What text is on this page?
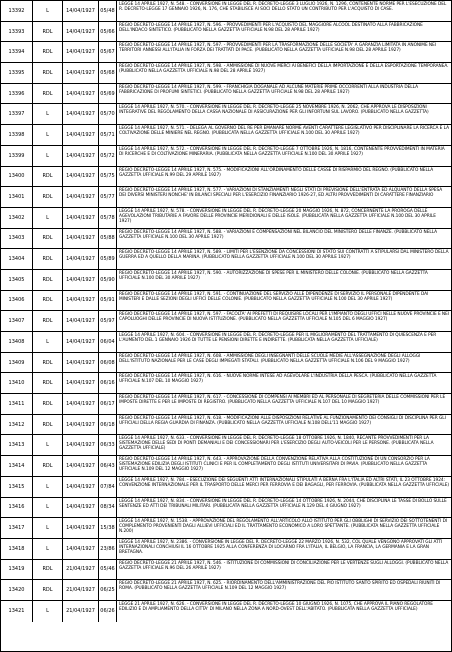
13392	L	14/04/1927	05/48
LEGGE 14 APRILE 1927, N. 548. - CONVERSIONE IN LEGGE DEL R. DECRETO-LEGGE 3 LUGLIO 1926, N. 1296, CONTENENTE NORME PER L'ESECUZIONE DEL R. DECRETO-LEGGE 17 GENNAIO 1926, N. 176, CHE STABILISCE AI SOCI DELLO STATO UN CONTRIBUTO PER L'ACQUISTO DI CASE.
13393	RDL	14/04/1927	05/66
REGIO DECRETO-LEGGE 14 APRILE 1927, N. 596. - PROVVEDIMENTI PER L'ACQUISTO DEL MAGGIORE ALCOOL DESTINATO ALLA FABBRICAZIONE DELL'INDACO SINTETICO. (PUBBLICATO NELLA GAZZETTA UFFICIALE N.98 DEL 28 APRILE 1927)
13394	RDL	14/04/1927	05/67
REGIO DECRETO-LEGGE 14 APRILE 1927, N. 597. - PROVVEDIMENTI PER LA TRASFORMAZIONE DELLE SOCIETA' A GARANZIA LIMITATA IN ANONIME NEI TERRITORI ANNESSI ALL'ITALIA IN FORZA DEI TRATTATI DI PACE. (PUBBLICATO NELLA GAZZETTA UFFICIALE N.98 DEL 28 APRILE 1927)
13395	RDL	14/04/1927	05/68
REGIO DECRETO-LEGGE 14 APRILE 1927, N. 598. - AMMISSIONE DI NUOVE MERCI AI BENEFICI DELLA IMPORTAZIONE E DELLA ESPORTAZIONE TEMPORANEA. (PUBBLICATO NELLA GAZZETTA UFFICIALE N.98 DEL 28 APRILE 1927)
13396	RDL	14/04/1927	05/69
REGIO DECRETO-LEGGE 14 APRILE 1927, N. 599. - FRANCHIGIA DOGANALE AD ALCUNE MATERIE PRIME OCCORRENTI ALLA INDUSTRIA DELLA FABBRICAZIONE DI PROFUMI SINTETICI. (PUBBLICATO NELLA GAZZETTA UFFICIALE N.98 DEL 28 APRILE 1927)
13397	L	14/04/1927	05/70
LEGGE 14 APRILE 1927, N. 570. - CONVERSIONE IN LEGGE DEL R. DECRETO-LEGGE 25 NOVEMBRE 1926, N. 2062, CHE APPROVA LE DISPOSIZIONI INTEGRATIVE DEL REGOLAMENTO DELLA CASSA NAZIONALE DI ASSICURAZIONE PER GLI INFORTUNI SUL LAVORO. (PUBBLICATO NELLA GAZZETTA)
13398	L	14/04/1927	05/71
LEGGE 14 APRILE 1927, N. 571. - DELEGA AL GOVERNO DEL RE PER EMANARE NORME AVENTI CARATTERE LEGISLATIVO PER DISCIPLINARE LA RICERCA E LA COLTIVAZIONE DELLE MINIERE NEL REGNO. (PUBBLICATA NELLA GAZZETTA UFFICIALE N.100 DEL 30 APRILE 1927)
13399	L	14/04/1927	05/72
LEGGE 14 APRILE 1927, N. 572. - CONVERSIONE IN LEGGE DEL R. DECRETO-LEGGE 7 OTTOBRE 1926, N. 1816, CONTENENTE PROVVEDIMENTI IN MATERIA DI RICERCHE E DI COLTIVAZIONE MINERARIA. (PUBBLICATA NELLA GAZZETTA UFFICIALE N.100 DEL 30 APRILE 1927)
13400	RDL	14/04/1927	05/75
REGIO DECRETO-LEGGE 14 APRILE 1927, N. 575. - MODIFICAZIONI ALL'ORDINAMENTO DELLE CASSE DI RISPARMIO DEL REGNO. (PUBBLICATO NELLA GAZZETTA UFFICIALE N.99 DEL 29 APRILE 1927)
13401	RDL	14/04/1927	05/77
REGIO DECRETO-LEGGE 14 APRILE 1927, N. 577. - VARIAZIONI DI STANZIAMENTI NEGLI STATI DI PREVISIONE DELL'ENTRATA ED ALQUANTO DELLA SPESA DEI DIVERSI MINISTERI NONCHE' IN BILANCI SPECIALI PER L'ESERCIZIO FINANZIARIO 1926-27, ED ALTRI PROVVEDIMENTI DI CARATTERE FINANZIARIO
13402	L	14/04/1927	05/78
LEGGE 14 APRILE 1927, N. 578. - CONVERSIONE IN LEGGE DEL R. DECRETO-LEGGE 20 MAGGIO 1926, N. 872, CONCERNENTE LA PROROGA DELLE AGEVOLAZIONI TRIBUTARIE A FAVORE DELLE PROVINCIE MERIDIONALI E DELLE ISOLE. (PUBBLICATA NELLA GAZZETTA UFFICIALE N.100 DEL 30 APRILE 1927)
13403	RDL	14/04/1927	05/88
REGIO DECRETO-LEGGE 14 APRILE 1927, N. 588. - VARIAZIONI E COMPENSAZIONI NEL BILANCIO DEL MINISTERO DELLE FINANZE. (PUBBLICATO NELLA GAZZETTA UFFICIALE N.100 DEL 30 APRILE 1927)
13404	RDL	14/04/1927	05/89
REGIO DECRETO-LEGGE 14 APRILE 1927, N. 589. - LIMITI PER L'ESENZIONE DA CONCESSIONI DI STATO SUI CONTRATTI A STIPULARSI DAL MINISTERO DELLA GUERRA ED A QUELLO DELLA MARINA. (PUBBLICATO NELLA GAZZETTA UFFICIALE N.100 DEL 30 APRILE 1927)
13405	RDL	14/04/1927	05/90
REGIO DECRETO-LEGGE 14 APRILE 1927, N. 590. - AUTORIZZAZIONE DI SPESE PER IL MINISTERO DELLE COLONIE. (PUBBLICATO NELLA GAZZETTA UFFICIALE N.100 DEL 30 APRILE 1927)
13406	RDL	14/04/1927	05/91
REGIO DECRETO-LEGGE 14 APRILE 1927, N. 591. - CONTINUAZIONE DEL SERVIZIO ALLE DIPENDENZE DI SERVIZIO IL PERSONALE DIPENDENTE DAI MINISTERI E DALLE SEZIONI DEGLI UFFICI DELLE COLONIE. (PUBBLICATO NELLA GAZZETTA UFFICIALE N.100 DEL 30 APRILE 1927)
13407	RDL	14/04/1927	05/97
REGIO DECRETO-LEGGE 14 APRILE 1927, N. 597. - FACOLTA' AI PREFETTI DI REQUISIRE LOCALI PER L'IMPIANTO DEGLI UFFICI NELLE NUOVE PROVINCIE E NEI CAPOLUOGHI DELLE PROVINCIE DI NUOVA ISTITUZIONE. (PUBBLICATO NELLA GAZZETTA UFFICIALE N.105 DEL 6 MAGGIO 1927)
13408	L	14/04/1927	06/04
LEGGE 14 APRILE 1927, N. 604. - CONVERSIONE IN LEGGE DEL R. DECRETO-LEGGE PER IL MIGLIORAMENTO DEL TRATTAMENTO DI QUIESCENZA E PER L'AUMENTO DEL 1 GENNAIO 1926 DI TUTTE LE PENSIONI DIRETTE E INDIRETTE. (PUBBLICATA NELLA GAZZETTA UFFICIALE)
13409	RDL	14/04/1927	06/08
REGIO DECRETO-LEGGE 14 APRILE 1927, N. 608. - AMMISSIONE DEGLI INSEGNANTI DELLE SCUOLE MEDIE ALL'ASSEGNAZIONE DEGLI ALLOGGI DELL'ISTITUTO NAZIONALE PER LE CASE DEGLI IMPIEGATI STATALI. (PUBBLICATO NELLA GAZZETTA UFFICIALE N.106 DEL 9 MAGGIO 1927)
13410	RDL	14/04/1927	06/16
REGIO DECRETO-LEGGE 14 APRILE 1927, N. 616. - NUOVE NORME INTESE AD AGEVOLARE L'INDUSTRIA DELLA PESCA. (PUBBLICATO NELLA GAZZETTA UFFICIALE N.107 DEL 10 MAGGIO 1927)
13411	RDL	14/04/1927	06/17
REGIO DECRETO-LEGGE 14 APRILE 1927, N. 617. - CONCESSIONE DI COMPENSI AI MEMBRI ED AL PERSONALE DI SEGRETERIA DELLE COMMISSIONI PER LE IMPOSTE DIRETTE E PER LE IMPOSTE DI REGISTRO. (PUBBLICATO NELLA GAZZETTA UFFICIALE N.107 DEL 10 MAGGIO 1927)
13412	RDL	14/04/1927	06/18
REGIO DECRETO-LEGGE 14 APRILE 1927, N. 618. - MODIFICAZIONI ALLE DISPOSIZIONI RELATIVE AL FUNZIONAMENTO DEI CONSIGLI DI DISCIPLINA PER GLI UFFICIALI DELLA REGIA GUARDIA DI FINANZA. (PUBBLICATO NELLA GAZZETTA UFFICIALE N.108 DELL'11 MAGGIO 1927)
13413	L	14/04/1927	06/33
LEGGE 14 APRILE 1927, N. 633. - CONVERSIONE IN LEGGE DEL R. DECRETO-LEGGE 18 OTTOBRE 1926, N. 1840, RECANTE PROVVEDIMENTI PER LA SISTEMAZIONE DELLE SEDI DI PONTI DEMANIALI E DEI CONCESSIONARI PER L'ESERCIZIO DEGLI AUTO-VEICOLI PER LE PERSONE. (PUBBLICATA NELLA GAZZETTA UFFICIALE)
13414	RDL	14/04/1927	06/43
REGIO DECRETO-LEGGE 14 APRILE 1927, N. 643. - APPROVAZIONE DELLA CONVENZIONE RELATIVA ALLA COSTITUZIONE DI UN CONSORZIO PER LA SISTEMAZIONE EDILIZIA DEGLI ISTITUTI CLINICI E PER IL COMPLETAMENTO DEGLI ISTITUTI UNIVERSITARI DI PAVIA. (PUBBLICATO NELLA GAZZETTA UFFICIALE N.109 DEL 12 MAGGIO 1927)
13415	L	14/04/1927	07/84
LEGGE 14 APRILE 1927, N. 784. - ESECUZIONE DEI SEGUENTI ATTI INTERNAZIONALI STIPULATI A BERNA FRA L'ITALIA ED ALTRI STATI, IL 23 OTTOBRE 1924: CONVENZIONE INTERNAZIONALE PER IL TRASPORTO DELLE MERCI PER FERROVIA E DEI BAGAGLI, PER FERROVIA. (PUBBLICATA NELLA GAZZETTA UFFICIALE)
13416	L	14/04/1927	08/34
LEGGE 14 APRILE 1927, N. 834. - CONVERSIONE IN LEGGE DEL R. DECRETO-LEGGE 14 OTTOBRE 1926, N. 2044, CHE DISCIPLINA LE TASSE DI BOLLO SULLE SENTENZE ED ATTI DEI TRIBUNALI MILITARI. (PUBBLICATA NELLA GAZZETTA UFFICIALE N.129 DEL 4 GIUGNO 1927)
13417	L	14/04/1927	15/38
LEGGE 14 APRILE 1927, N. 1538. - APPROVAZIONE DEL REGOLAMENTO ALL'ARTICOLO ALLO ISTITUTO PER GLI OBBLIGHI DI SERVIZIO DEI SOTTOTENENTI DI COMPLEMENTO PROVENIENTI DAGLI ALLIEVI UFFICIALI ED IL TRATTAMENTO ECONOMICO A LORO SPETTANTE. (PUBBLICATA NELLA GAZZETTA UFFICIALE N.200)
13418	L	14/04/1927	23/86
LEGGE 14 APRILE 1927, N. 2386. - CONVERSIONE IN LEGGE DEL R. DECRETO-LEGGE 22 MARZO 1926, N. 532, COL QUALE VENGONO APPROVATI GLI ATTI INTERNAZIONALI CONCHIUSI IL 16 OTTOBRE 1925 ALLA CONFERENZA DI LOCARNO FRA L'ITALIA, IL BELGIO, LA FRANCIA, LA GERMANIA E LA GRAN BRETAGNA.
13419	RDL	21/04/1927	05/46
REGIO DECRETO-LEGGE 21 APRILE 1927, N. 546. - ISTITUZIONE DI COMMISSIONI DI CONCILIAZIONE PER LE VERTENZE SUGLI ALLOGGI. (PUBBLICATO NELLA GAZZETTA UFFICIALE N.96 DEL 26 APRILE 1927)
13420	RDL	21/04/1927	06/25
REGIO DECRETO-LEGGE 21 APRILE 1927, N. 625. - RIORDINAMENTO DELL'AMMINISTRAZIONE DEL PIO ISTITUTO SANTO SPIRITO ED OSPEDALI RIUNITI DI ROMA. (PUBBLICATO NELLA GAZZETTA UFFICIALE N.109 DEL 12 MAGGIO 1927)
13421	L	21/04/1927	06/26
LEGGE 21 APRILE 1927, N. 626. - CONVERSIONE IN LEGGE DEL R. DECRETO-LEGGE 10 GIUGNO 1926, N. 1075, CHE APPROVA IL PIANO REGOLATORE EDILIZIO E DI AMPLIAMENTO DELLA CITTA' DI MILANO NELLA ZONA A NORD-OVEST DELL'ABITATO. (PUBBLICATA NELLA GAZZETTA UFFICIALE)
